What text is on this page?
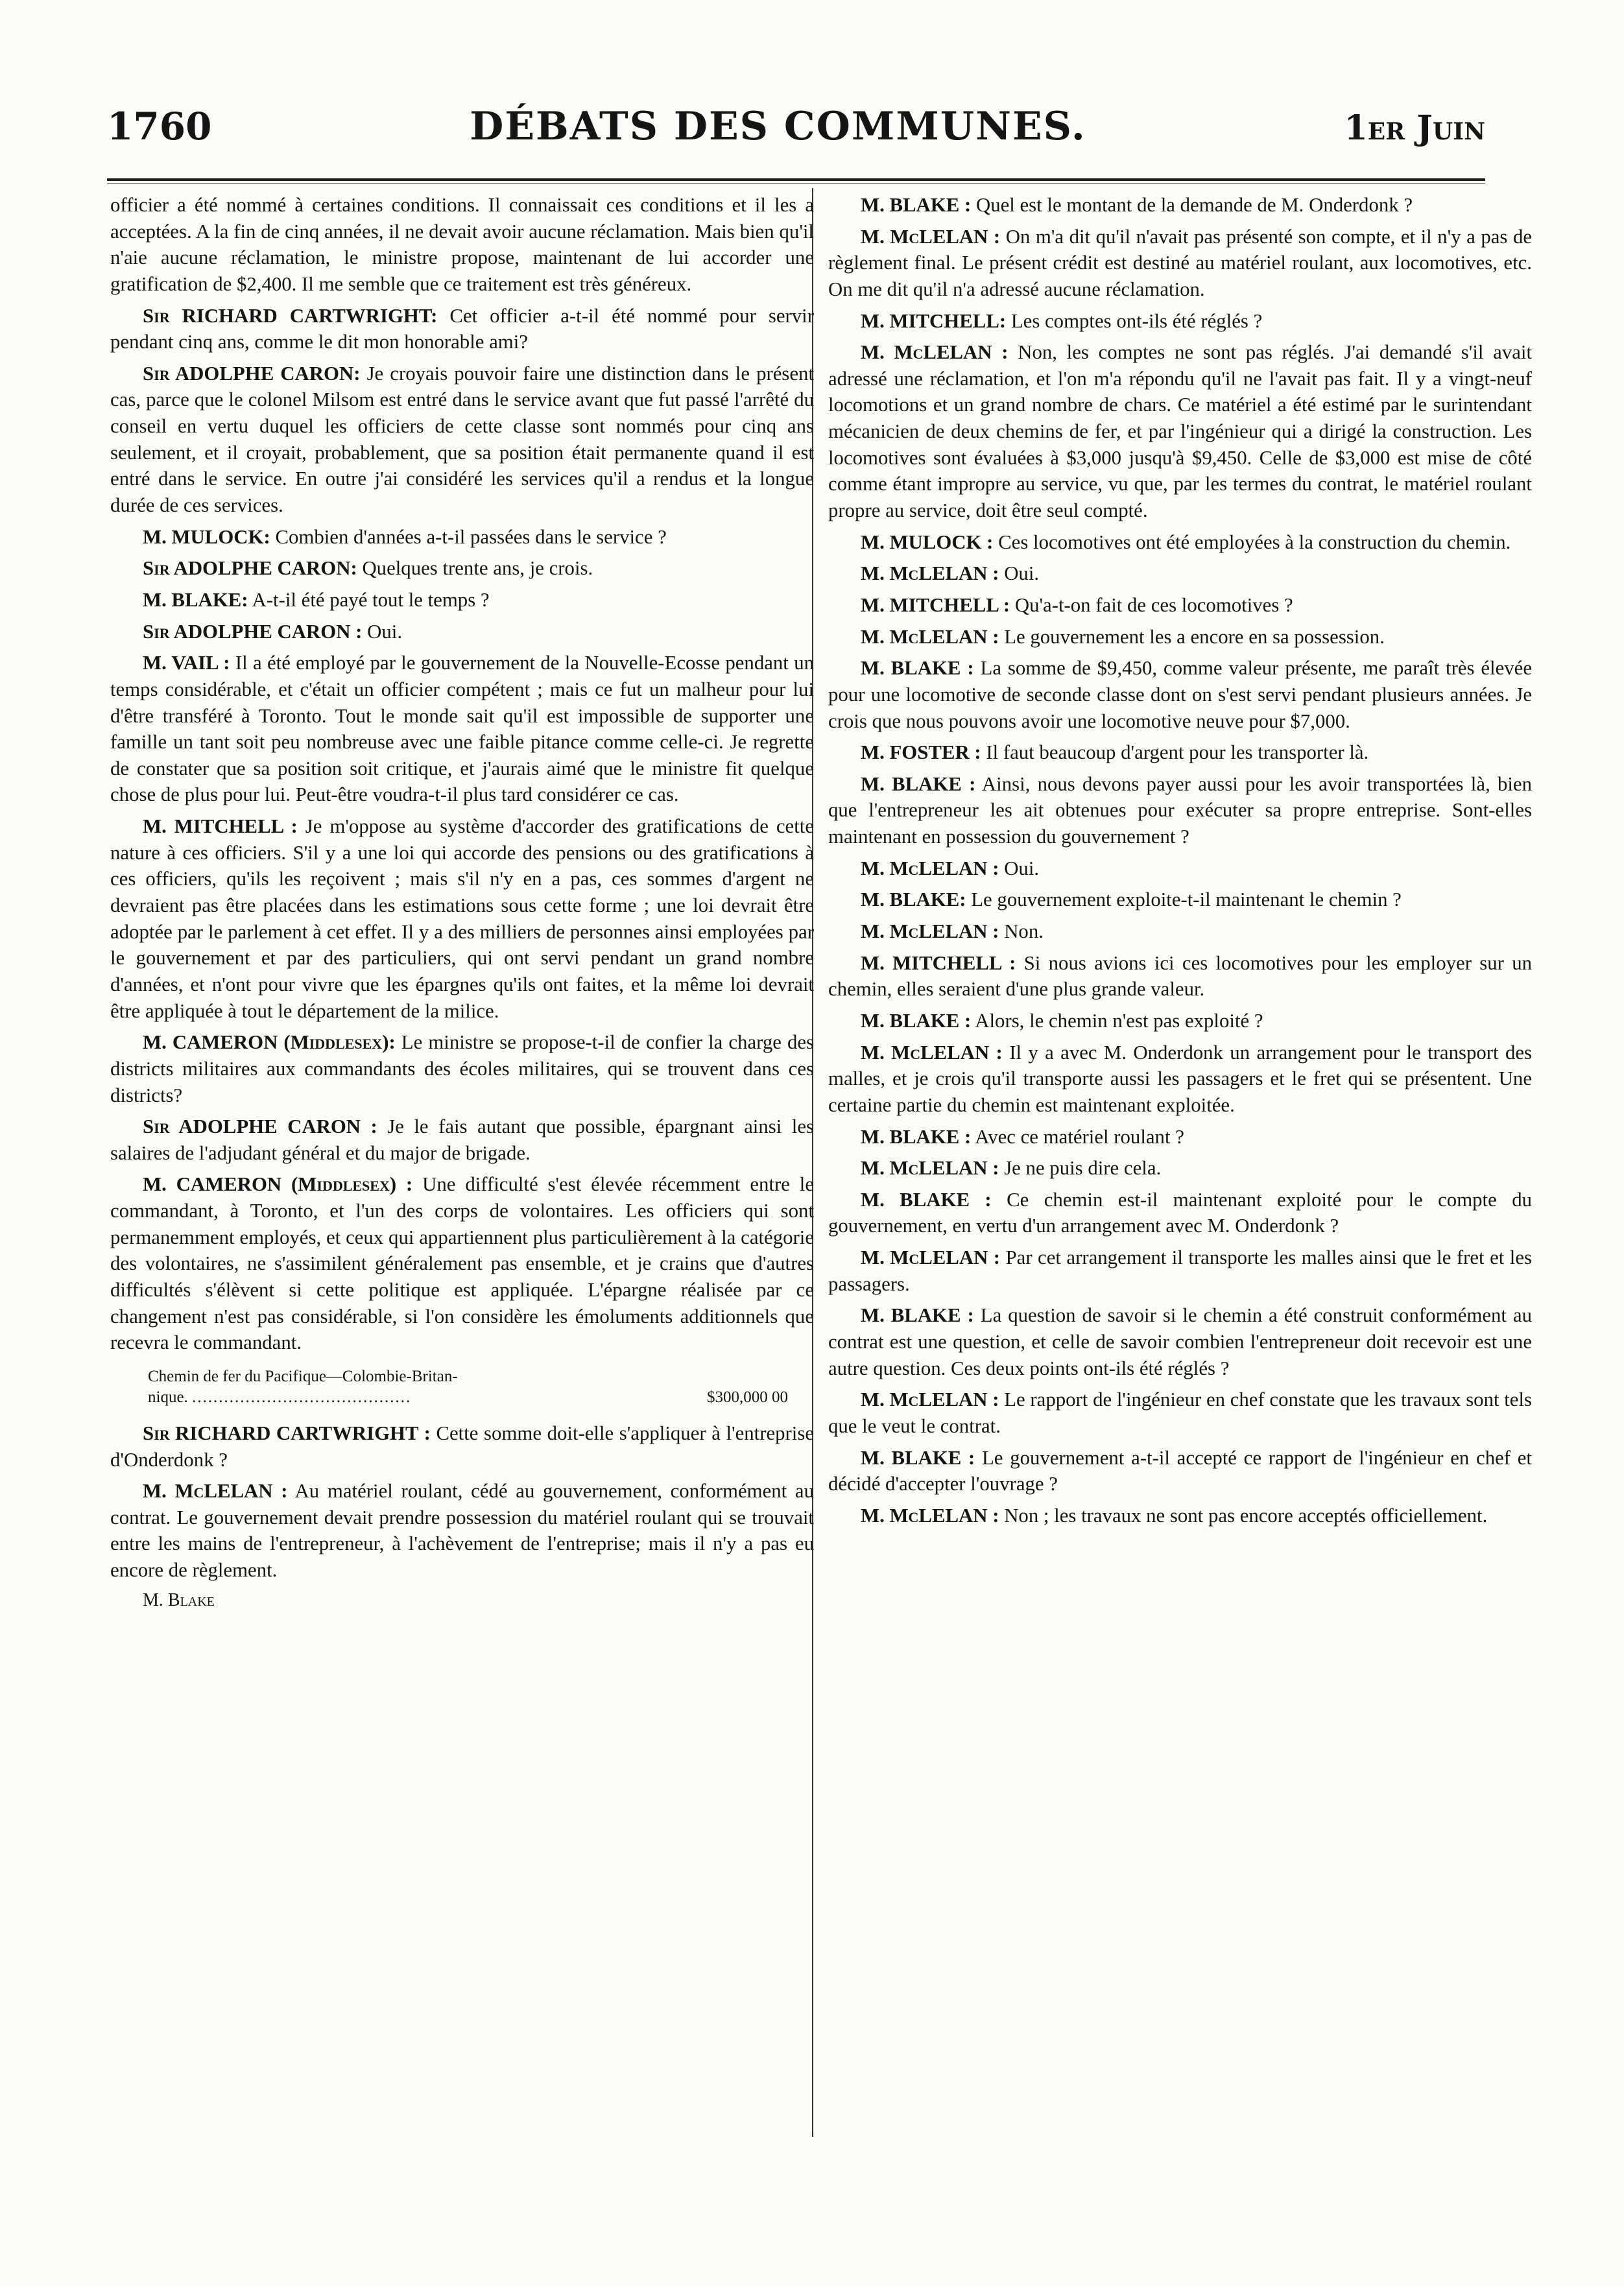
1760	DÉBATS DES COMMUNES.	1er Juin

officier a été nommé à certaines conditions. Il connaissait ces conditions et il les a acceptées. A la fin de cinq années, il ne devait avoir aucune réclamation. Mais bien qu'il n'aie aucune réclamation, le ministre propose, maintenant de lui accorder une gratification de $2,400. Il me semble que ce traitement est très généreux.

Sir RICHARD CARTWRIGHT: Cet officier a-t-il été nommé pour servir pendant cinq ans, comme le dit mon honorable ami?

Sir ADOLPHE CARON: Je croyais pouvoir faire une distinction dans le présent cas, parce que le colonel Milsom est entré dans le service avant que fut passé l'arrêté du conseil en vertu duquel les officiers de cette classe sont nommés pour cinq ans seulement, et il croyait, probablement, que sa position était permanente quand il est entré dans le service. En outre j'ai considéré les services qu'il a rendus et la longue durée de ces services.

M. MULOCK: Combien d'années a-t-il passées dans le service ?

Sir ADOLPHE CARON: Quelques trente ans, je crois.

M. BLAKE: A-t-il été payé tout le temps ?

Sir ADOLPHE CARON : Oui.

M. VAIL : Il a été employé par le gouvernement de la Nouvelle-Ecosse pendant un temps considérable, et c'était un officier compétent ; mais ce fut un malheur pour lui d'être transféré à Toronto. Tout le monde sait qu'il est impossible de supporter une famille un tant soit peu nombreuse avec une faible pitance comme celle-ci. Je regrette de constater que sa position soit critique, et j'aurais aimé que le ministre fit quelque chose de plus pour lui. Peut-être voudra-t-il plus tard considérer ce cas.

M. MITCHELL : Je m'oppose au système d'accorder des gratifications de cette nature à ces officiers. S'il y a une loi qui accorde des pensions ou des gratifications à ces officiers, qu'ils les reçoivent ; mais s'il n'y en a pas, ces sommes d'argent ne devraient pas être placées dans les estimations sous cette forme ; une loi devrait être adoptée par le parlement à cet effet. Il y a des milliers de personnes ainsi employées par le gouvernement et par des particuliers, qui ont servi pendant un grand nombre d'années, et n'ont pour vivre que les épargnes qu'ils ont faites, et la même loi devrait être appliquée à tout le département de la milice.

M. CAMERON (Middlesex): Le ministre se propose-t-il de confier la charge des districts militaires aux commandants des écoles militaires, qui se trouvent dans ces districts?

Sir ADOLPHE CARON : Je le fais autant que possible, épargnant ainsi les salaires de l'adjudant général et du major de brigade.

M. CAMERON (Middlesex) : Une difficulté s'est élevée récemment entre le commandant, à Toronto, et l'un des corps de volontaires. Les officiers qui sont permanemment employés, et ceux qui appartiennent plus particulièrement à la catégorie des volontaires, ne s'assimilent généralement pas ensemble, et je crains que d'autres difficultés s'élèvent si cette politique est appliquée. L'épargne réalisée par ce changement n'est pas considérable, si l'on considère les émoluments additionnels que recevra le commandant.

Chemin de fer du Pacifique—Colombie-Britan-
nique. .........................................	$300,000 00

Sir RICHARD CARTWRIGHT : Cette somme doit-elle s'appliquer à l'entreprise d'Onderdonk ?

M. McLELAN : Au matériel roulant, cédé au gouvernement, conformément au contrat. Le gouvernement devait prendre possession du matériel roulant qui se trouvait entre les mains de l'entrepreneur, à l'achèvement de l'entreprise; mais il n'y a pas eu encore de règlement.

M. Blake

M. BLAKE : Quel est le montant de la demande de M. Onderdonk ?

M. McLELAN : On m'a dit qu'il n'avait pas présenté son compte, et il n'y a pas de règlement final. Le présent crédit est destiné au matériel roulant, aux locomotives, etc. On me dit qu'il n'a adressé aucune réclamation.

M. MITCHELL: Les comptes ont-ils été réglés ?

M. McLELAN : Non, les comptes ne sont pas réglés. J'ai demandé s'il avait adressé une réclamation, et l'on m'a répondu qu'il ne l'avait pas fait. Il y a vingt-neuf locomotions et un grand nombre de chars. Ce matériel a été estimé par le surintendant mécanicien de deux chemins de fer, et par l'ingénieur qui a dirigé la construction. Les locomotives sont évaluées à $3,000 jusqu'à $9,450. Celle de $3,000 est mise de côté comme étant impropre au service, vu que, par les termes du contrat, le matériel roulant propre au service, doit être seul compté.

M. MULOCK : Ces locomotives ont été employées à la construction du chemin.

M. McLELAN : Oui.

M. MITCHELL : Qu'a-t-on fait de ces locomotives ?

M. McLELAN : Le gouvernement les a encore en sa possession.

M. BLAKE : La somme de $9,450, comme valeur présente, me paraît très élevée pour une locomotive de seconde classe dont on s'est servi pendant plusieurs années. Je crois que nous pouvons avoir une locomotive neuve pour $7,000.

M. FOSTER : Il faut beaucoup d'argent pour les transporter là.

M. BLAKE : Ainsi, nous devons payer aussi pour les avoir transportées là, bien que l'entrepreneur les ait obtenues pour exécuter sa propre entreprise. Sont-elles maintenant en possession du gouvernement ?

M. McLELAN : Oui.

M. BLAKE: Le gouvernement exploite-t-il maintenant le chemin ?

M. McLELAN : Non.

M. MITCHELL : Si nous avions ici ces locomotives pour les employer sur un chemin, elles seraient d'une plus grande valeur.

M. BLAKE : Alors, le chemin n'est pas exploité ?

M. McLELAN : Il y a avec M. Onderdonk un arrangement pour le transport des malles, et je crois qu'il transporte aussi les passagers et le fret qui se présentent. Une certaine partie du chemin est maintenant exploitée.

M. BLAKE : Avec ce matériel roulant ?

M. McLELAN : Je ne puis dire cela.

M. BLAKE : Ce chemin est-il maintenant exploité pour le compte du gouvernement, en vertu d'un arrangement avec M. Onderdonk ?

M. McLELAN : Par cet arrangement il transporte les malles ainsi que le fret et les passagers.

M. BLAKE : La question de savoir si le chemin a été construit conformément au contrat est une question, et celle de savoir combien l'entrepreneur doit recevoir est une autre question. Ces deux points ont-ils été réglés ?

M. McLELAN : Le rapport de l'ingénieur en chef constate que les travaux sont tels que le veut le contrat.

M. BLAKE : Le gouvernement a-t-il accepté ce rapport de l'ingénieur en chef et décidé d'accepter l'ouvrage ?

M. McLELAN : Non ; les travaux ne sont pas encore acceptés officiellement.
